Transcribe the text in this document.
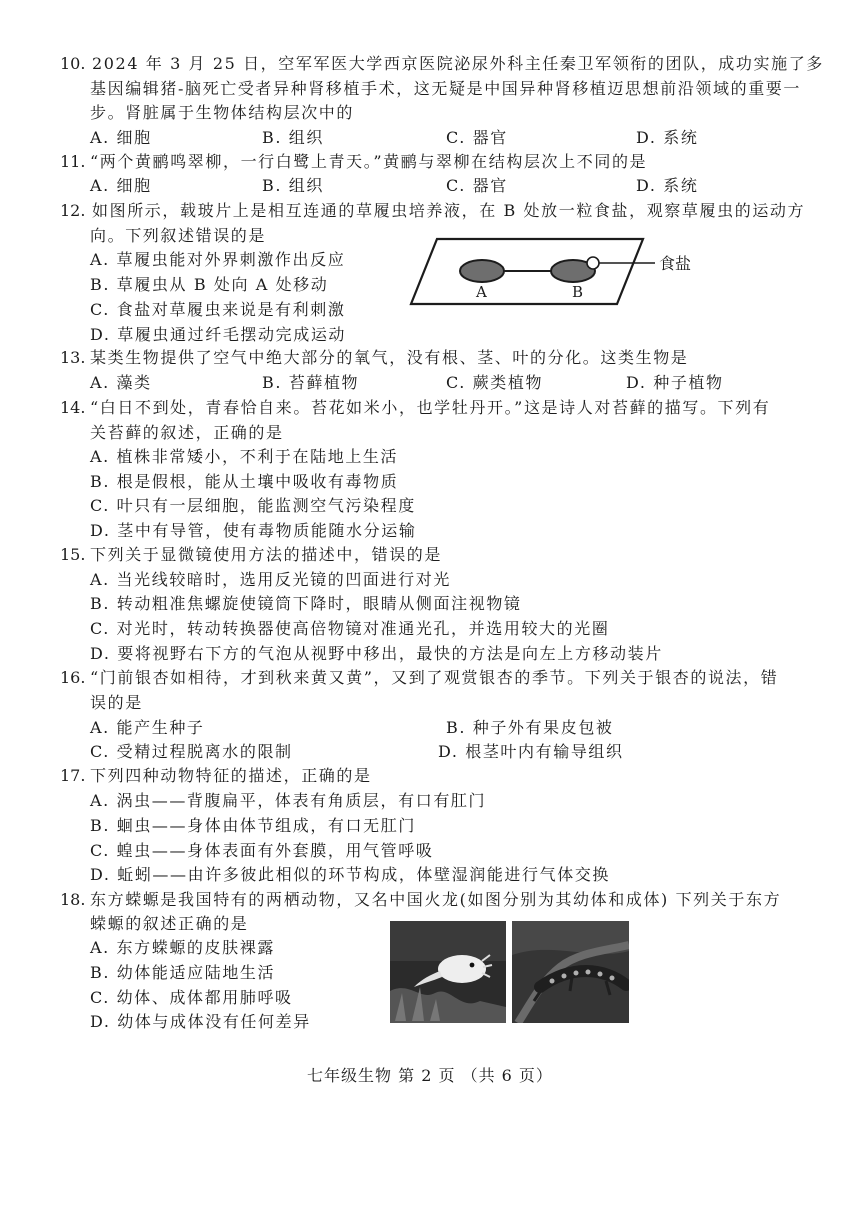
10. 2024 年 3 月 25 日，空军军医大学西京医院泌尿外科主任秦卫军领衔的团队，成功实施了多
基因编辑猪-脑死亡受者异种肾移植手术，这无疑是中国异种肾移植迈思想前沿领域的重要一
步。肾脏属于生物体结构层次中的
A. 细胞	B. 组织	C. 器官	D. 系统
11. “两个黄鹂鸣翠柳，一行白鹭上青天。”黄鹂与翠柳在结构层次上不同的是
A. 细胞	B. 组织	C. 器官	D. 系统
12. 如图所示，载玻片上是相互连通的草履虫培养液，在 B 处放一粒食盐，观察草履虫的运动方
向。下列叙述错误的是
A. 草履虫能对外界刺激作出反应
B. 草履虫从 B 处向 A 处移动
C. 食盐对草履虫来说是有利刺激
D. 草履虫通过纤毛摆动完成运动
食盐
A	B
13. 某类生物提供了空气中绝大部分的氧气，没有根、茎、叶的分化。这类生物是
A. 藻类	B. 苔藓植物	C. 蕨类植物	D. 种子植物
14. “白日不到处，青春恰自来。苔花如米小，也学牡丹开。”这是诗人对苔藓的描写。下列有
关苔藓的叙述，正确的是
A. 植株非常矮小，不利于在陆地上生活
B. 根是假根，能从土壤中吸收有毒物质
C. 叶只有一层细胞，能监测空气污染程度
D. 茎中有导管，使有毒物质能随水分运输
15. 下列关于显微镜使用方法的描述中，错误的是
A. 当光线较暗时，选用反光镜的凹面进行对光
B. 转动粗准焦螺旋使镜筒下降时，眼睛从侧面注视物镜
C. 对光时，转动转换器使高倍物镜对准通光孔，并选用较大的光圈
D. 要将视野右下方的气泡从视野中移出，最快的方法是向左上方移动装片
16. “门前银杏如相待，才到秋来黄又黄”，又到了观赏银杏的季节。下列关于银杏的说法，错
误的是
A. 能产生种子	B. 种子外有果皮包被
C. 受精过程脱离水的限制	D. 根茎叶内有输导组织
17. 下列四种动物特征的描述，正确的是
A. 涡虫——背腹扁平，体表有角质层，有口有肛门
B. 蛔虫——身体由体节组成，有口无肛门
C. 蝗虫——身体表面有外套膜，用气管呼吸
D. 蚯蚓——由许多彼此相似的环节构成，体壁湿润能进行气体交换
18. 东方蝾螈是我国特有的两栖动物，又名中国火龙(如图分别为其幼体和成体) 下列关于东方
蝾螈的叙述正确的是
A. 东方蝾螈的皮肤裸露
B. 幼体能适应陆地生活
C. 幼体、成体都用肺呼吸
D. 幼体与成体没有任何差异
七年级生物 第 2 页 （共 6 页）
